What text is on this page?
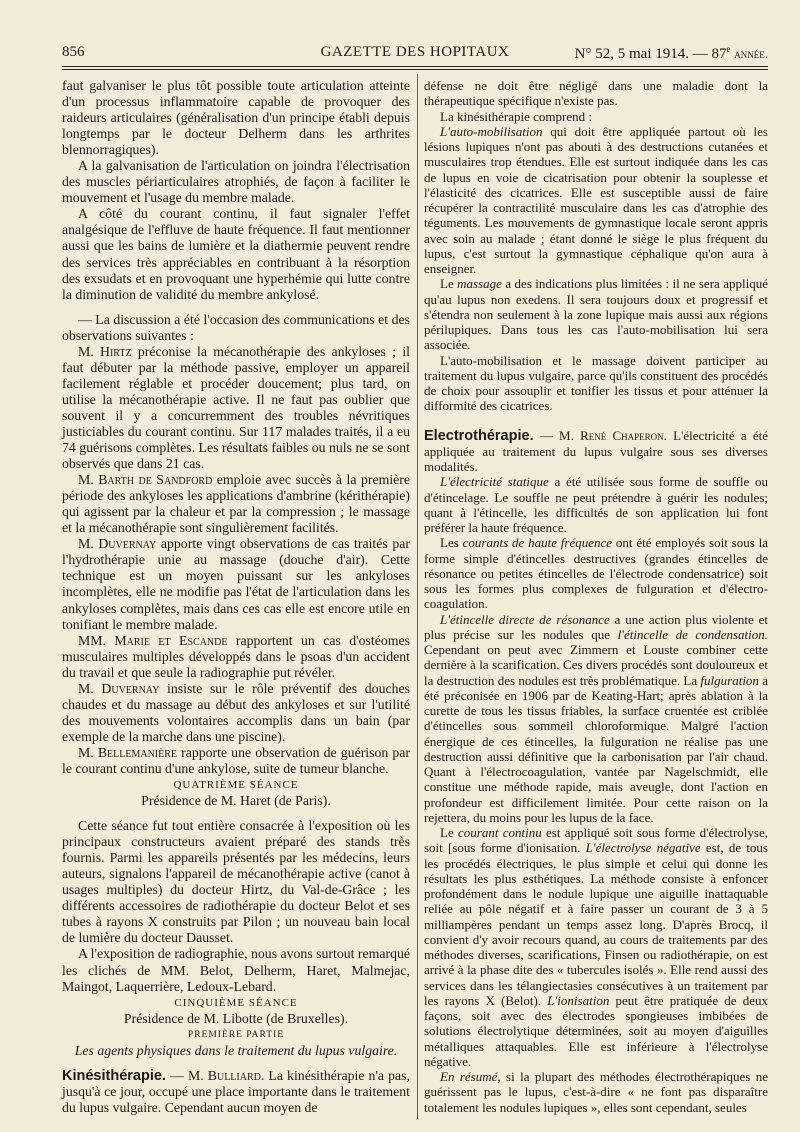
856	GAZETTE DES HOPITAUX	N° 52, 5 mai 1914. — 87e année.

faut galvaniser le plus tôt possible toute articulation atteinte d'un processus inflammatoire capable de provoquer des raideurs articulaires (généralisation d'un principe établi depuis longtemps par le docteur Delherm dans les arthrites blennorragiques).

A la galvanisation de l'articulation on joindra l'électrisation des muscles périarticulaires atrophiés, de façon à faciliter le mouvement et l'usage du membre malade.

A côté du courant continu, il faut signaler l'effet analgésique de l'effluve de haute fréquence. Il faut mentionner aussi que les bains de lumière et la diathermie peuvent rendre des services très appréciables en contribuant à la résorption des exsudats et en provoquant une hyperhémie qui lutte contre la diminution de validité du membre ankylosé.

— La discussion a été l'occasion des communications et des observations suivantes :

M. Hirtz préconise la mécanothérapie des ankyloses ; il faut débuter par la méthode passive, employer un appareil facilement réglable et procéder doucement; plus tard, on utilise la mécanothérapie active. Il ne faut pas oublier que souvent il y a concurremment des troubles névritiques justiciables du courant continu. Sur 117 malades traités, il a eu 74 guérisons complètes. Les résultats faibles ou nuls ne se sont observés que dans 21 cas.

M. Barth de Sandford emploie avec succès à la première période des ankyloses les applications d'ambrine (kérithérapie) qui agissent par la chaleur et par la compression ; le massage et la mécanothérapie sont singulièrement facilités.

M. Duvernay apporte vingt observations de cas traités par l'hydrothérapie unie au massage (douche d'air). Cette technique est un moyen puissant sur les ankyloses incomplètes, elle ne modifie pas l'état de l'articulation dans les ankyloses complètes, mais dans ces cas elle est encore utile en tonifiant le membre malade.

MM. Marie et Escande rapportent un cas d'ostéomes musculaires multiples développés dans le psoas d'un accident du travail et que seule la radiographie put révéler.

M. Duvernay insiste sur le rôle préventif des douches chaudes et du massage au début des ankyloses et sur l'utilité des mouvements volontaires accomplis dans un bain (par exemple de la marche dans une piscine).

M. Bellemanière rapporte une observation de guérison par le courant continu d'une ankylose, suite de tumeur blanche.

QUATRIÈME SÉANCE

Présidence de M. Haret (de Paris).

Cette séance fut tout entière consacrée à l'exposition où les principaux constructeurs avaient préparé des stands très fournis. Parmi les appareils présentés par les médecins, leurs auteurs, signalons l'appareil de mécanothérapie active (canot à usages multiples) du docteur Hirtz, du Val-de-Grâce ; les différents accessoires de radiothérapie du docteur Belot et ses tubes à rayons X construits par Pilon ; un nouveau bain local de lumière du docteur Dausset.

A l'exposition de radiographie, nous avons surtout remarqué les clichés de MM. Belot, Delherm, Haret, Malmejac, Maingot, Laquerrière, Ledoux-Lebard.

CINQUIÈME SÉANCE

Présidence de M. Libotte (de Bruxelles).

PREMIÈRE PARTIE

Les agents physiques dans le traitement du lupus vulgaire.

Kinésithérapie. — M. Bulliard. La kinésithérapie n'a pas, jusqu'à ce jour, occupé une place importante dans le traitement du lupus vulgaire. Cependant aucun moyen de

défense ne doit être négligé dans une maladie dont la thérapeutique spécifique n'existe pas.

La kinésithérapie comprend :

L'auto-mobilisation qui doit être appliquée partout où les lésions lupiques n'ont pas abouti à des destructions cutanées et musculaires trop étendues. Elle est surtout indiquée dans les cas de lupus en voie de cicatrisation pour obtenir la souplesse et l'élasticité des cicatrices. Elle est susceptible aussi de faire récupérer la contractilité musculaire dans les cas d'atrophie des téguments. Les mouvements de gymnastique locale seront appris avec soin au malade ; étant donné le siège le plus fréquent du lupus, c'est surtout la gymnastique céphalique qu'on aura à enseigner.

Le massage a des indications plus limitées : il ne sera appliqué qu'au lupus non exedens. Il sera toujours doux et progressif et s'étendra non seulement à la zone lupique mais aussi aux régions périlupiques. Dans tous les cas l'auto-mobilisation lui sera associée.

L'auto-mobilisation et le massage doivent participer au traitement du lupus vulgaire, parce qu'ils constituent des procédés de choix pour assouplir et tonifier les tissus et pour atténuer la difformité des cicatrices.

Electrothérapie. — M. René Chaperon. L'électricité a été appliquée au traitement du lupus vulgaire sous ses diverses modalités.

L'électricité statique a été utilisée sous forme de souffle ou d'étincelage. Le souffle ne peut prétendre à guérir les nodules; quant à l'étincelle, les difficultés de son application lui font préférer la haute fréquence.

Les courants de haute fréquence ont été employés soit sous la forme simple d'étincelles destructives (grandes étincelles de résonance ou petites étincelles de l'électrode condensatrice) soit sous les formes plus complexes de fulguration et d'électro-coagulation.

L'étincelle directe de résonance a une action plus violente et plus précise sur les nodules que l'étincelle de condensation. Cependant on peut avec Zimmern et Louste combiner cette dernière à la scarification. Ces divers procédés sont douloureux et la destruction des nodules est très problématique. La fulguration a été préconisée en 1906 par de Keating-Hart; après ablation à la curette de tous les tissus friables, la surface cruentée est criblée d'étincelles sous sommeil chloroformique. Malgré l'action énergique de ces étincelles, la fulguration ne réalise pas une destruction aussi définitive que la carbonisation par l'air chaud. Quant à l'électrocoagulation, vantée par Nagelschmidt, elle constitue une méthode rapide, mais aveugle, dont l'action en profondeur est difficilement limitée. Pour cette raison on la rejettera, du moins pour les lupus de la face.

Le courant continu est appliqué soit sous forme d'électrolyse, soit [sous forme d'ionisation. L'électrolyse négative est, de tous les procédés électriques, le plus simple et celui qui donne les résultats les plus esthétiques. La méthode consiste à enfoncer profondément dans le nodule lupique une aiguille inattaquable reliée au pôle négatif et à faire passer un courant de 3 à 5 milliampères pendant un temps assez long. D'après Brocq, il convient d'y avoir recours quand, au cours de traitements par des méthodes diverses, scarifications, Finsen ou radiothérapie, on est arrivé à la phase dite des « tubercules isolés ». Elle rend aussi des services dans les télangiectasies consécutives à un traitement par les rayons X (Belot). L'ionisation peut être pratiquée de deux façons, soit avec des électrodes spongieuses imbibées de solutions électrolytique déterminées, soit au moyen d'aiguilles métalliques attaquables. Elle est inférieure à l'électrolyse négative.

En résumé, si la plupart des méthodes électrothérapiques ne guérissent pas le lupus, c'est-à-dire « ne font pas disparaître totalement les nodules lupiques », elles sont cependant, seules
